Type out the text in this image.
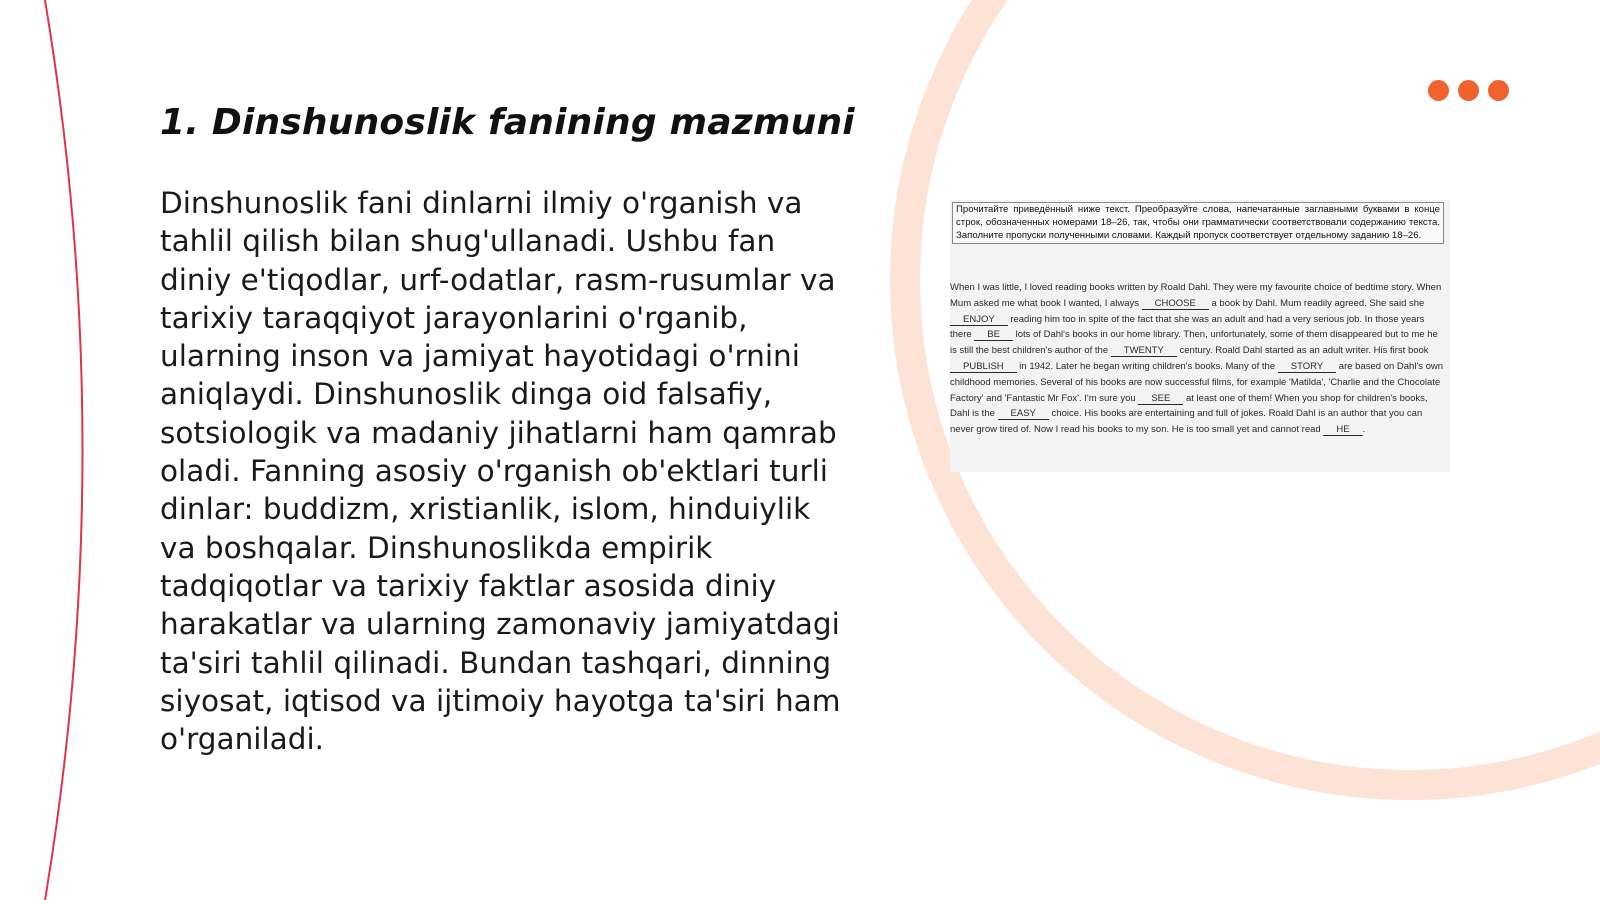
1. Dinshunoslik fanining mazmuni

Dinshunoslik fani dinlarni ilmiy o'rganish va tahlil qilish bilan shug'ullanadi. Ushbu fan diniy e'tiqodlar, urf-odatlar, rasm-rusumlar va tarixiy taraqqiyot jarayonlarini o'rganib, ularning inson va jamiyat hayotidagi o'rnini aniqlaydi. Dinshunoslik dinga oid falsafiy, sotsiologik va madaniy jihatlarni ham qamrab oladi. Fanning asosiy o'rganish ob'ektlari turli dinlar: buddizm, xristianlik, islom, hinduiylik va boshqalar. Dinshunoslikda empirik tadqiqotlar va tarixiy faktlar asosida diniy harakatlar va ularning zamonaviy jamiyatdagi ta'siri tahlil qilinadi. Bundan tashqari, dinning siyosat, iqtisod va ijtimoiy hayotga ta'siri ham o'rganiladi.

Прочитайте приведённый ниже текст. Преобразуйте слова, напечатанные заглавными буквами в конце строк, обозначенных номерами 18–26, так, чтобы они грамматически соответствовали содержанию текста. Заполните пропуски полученными словами. Каждый пропуск соответствует отдельному заданию 18–26.

When I was little, I loved reading books written by Roald Dahl. They were my favourite choice of bedtime story. When Mum asked me what book I wanted, I always CHOOSE a book by Dahl. Mum readily agreed. She said she ENJOY reading him too in spite of the fact that she was an adult and had a very serious job. In those years there BE lots of Dahl's books in our home library. Then, unfortunately, some of them disappeared but to me he is still the best children's author of the TWENTY century. Roald Dahl started as an adult writer. His first book PUBLISH in 1942. Later he began writing children's books. Many of the STORY are based on Dahl's own childhood memories. Several of his books are now successful films, for example 'Matilda', 'Charlie and the Chocolate Factory' and 'Fantastic Mr Fox'. I'm sure you SEE at least one of them! When you shop for children's books, Dahl is the EASY choice. His books are entertaining and full of jokes. Roald Dahl is an author that you can never grow tired of. Now I read his books to my son. He is too small yet and cannot read HE .
